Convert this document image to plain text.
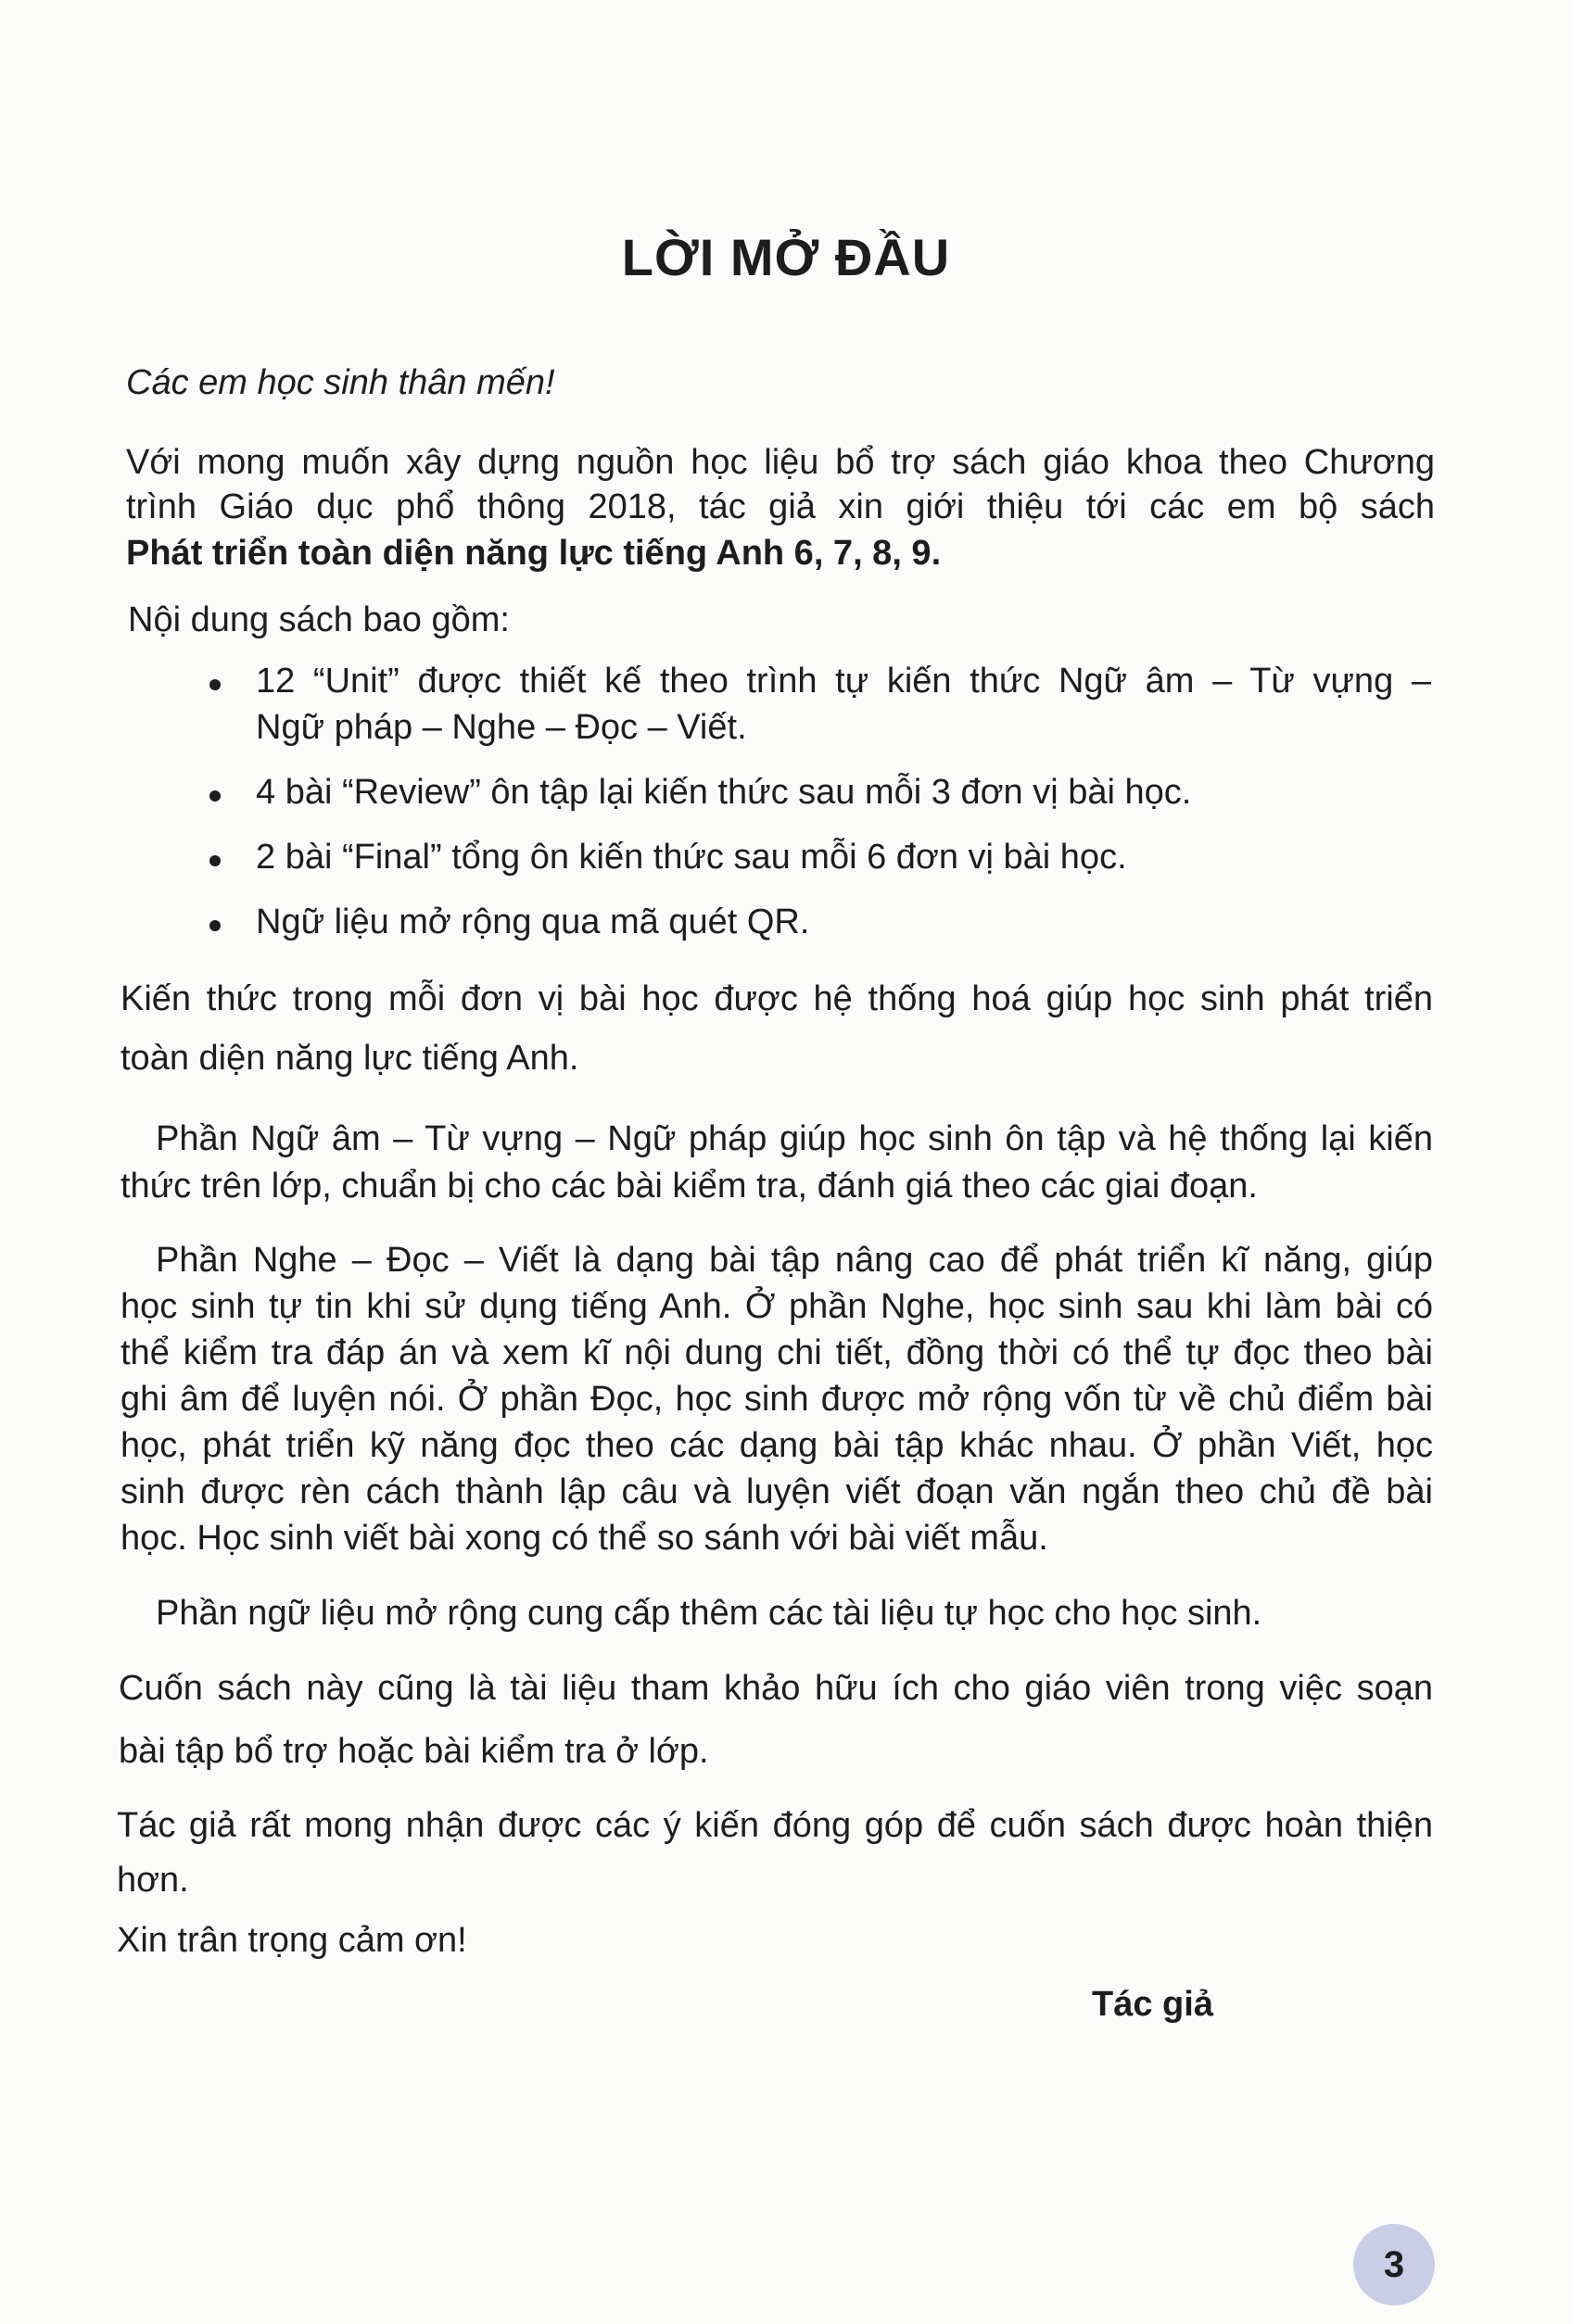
LỜI MỞ ĐẦU
Các em học sinh thân mến!
Với mong muốn xây dựng nguồn học liệu bổ trợ sách giáo khoa theo Chương
trình Giáo dục phổ thông 2018, tác giả xin giới thiệu tới các em bộ sách
Phát triển toàn diện năng lực tiếng Anh 6, 7, 8, 9.
Nội dung sách bao gồm:
12 “Unit” được thiết kế theo trình tự kiến thức Ngữ âm – Từ vựng –
Ngữ pháp – Nghe – Đọc – Viết.
4 bài “Review” ôn tập lại kiến thức sau mỗi 3 đơn vị bài học.
2 bài “Final” tổng ôn kiến thức sau mỗi 6 đơn vị bài học.
Ngữ liệu mở rộng qua mã quét QR.
Kiến thức trong mỗi đơn vị bài học được hệ thống hoá giúp học sinh phát triển
toàn diện năng lực tiếng Anh.
Phần Ngữ âm – Từ vựng – Ngữ pháp giúp học sinh ôn tập và hệ thống lại kiến
thức trên lớp, chuẩn bị cho các bài kiểm tra, đánh giá theo các giai đoạn.
Phần Nghe – Đọc – Viết là dạng bài tập nâng cao để phát triển kĩ năng, giúp
học sinh tự tin khi sử dụng tiếng Anh. Ở phần Nghe, học sinh sau khi làm bài có
thể kiểm tra đáp án và xem kĩ nội dung chi tiết, đồng thời có thể tự đọc theo bài
ghi âm để luyện nói. Ở phần Đọc, học sinh được mở rộng vốn từ về chủ điểm bài
học, phát triển kỹ năng đọc theo các dạng bài tập khác nhau. Ở phần Viết, học
sinh được rèn cách thành lập câu và luyện viết đoạn văn ngắn theo chủ đề bài
học. Học sinh viết bài xong có thể so sánh với bài viết mẫu.
Phần ngữ liệu mở rộng cung cấp thêm các tài liệu tự học cho học sinh.
Cuốn sách này cũng là tài liệu tham khảo hữu ích cho giáo viên trong việc soạn
bài tập bổ trợ hoặc bài kiểm tra ở lớp.
Tác giả rất mong nhận được các ý kiến đóng góp để cuốn sách được hoàn thiện
hơn.
Xin trân trọng cảm ơn!
Tác giả
3
